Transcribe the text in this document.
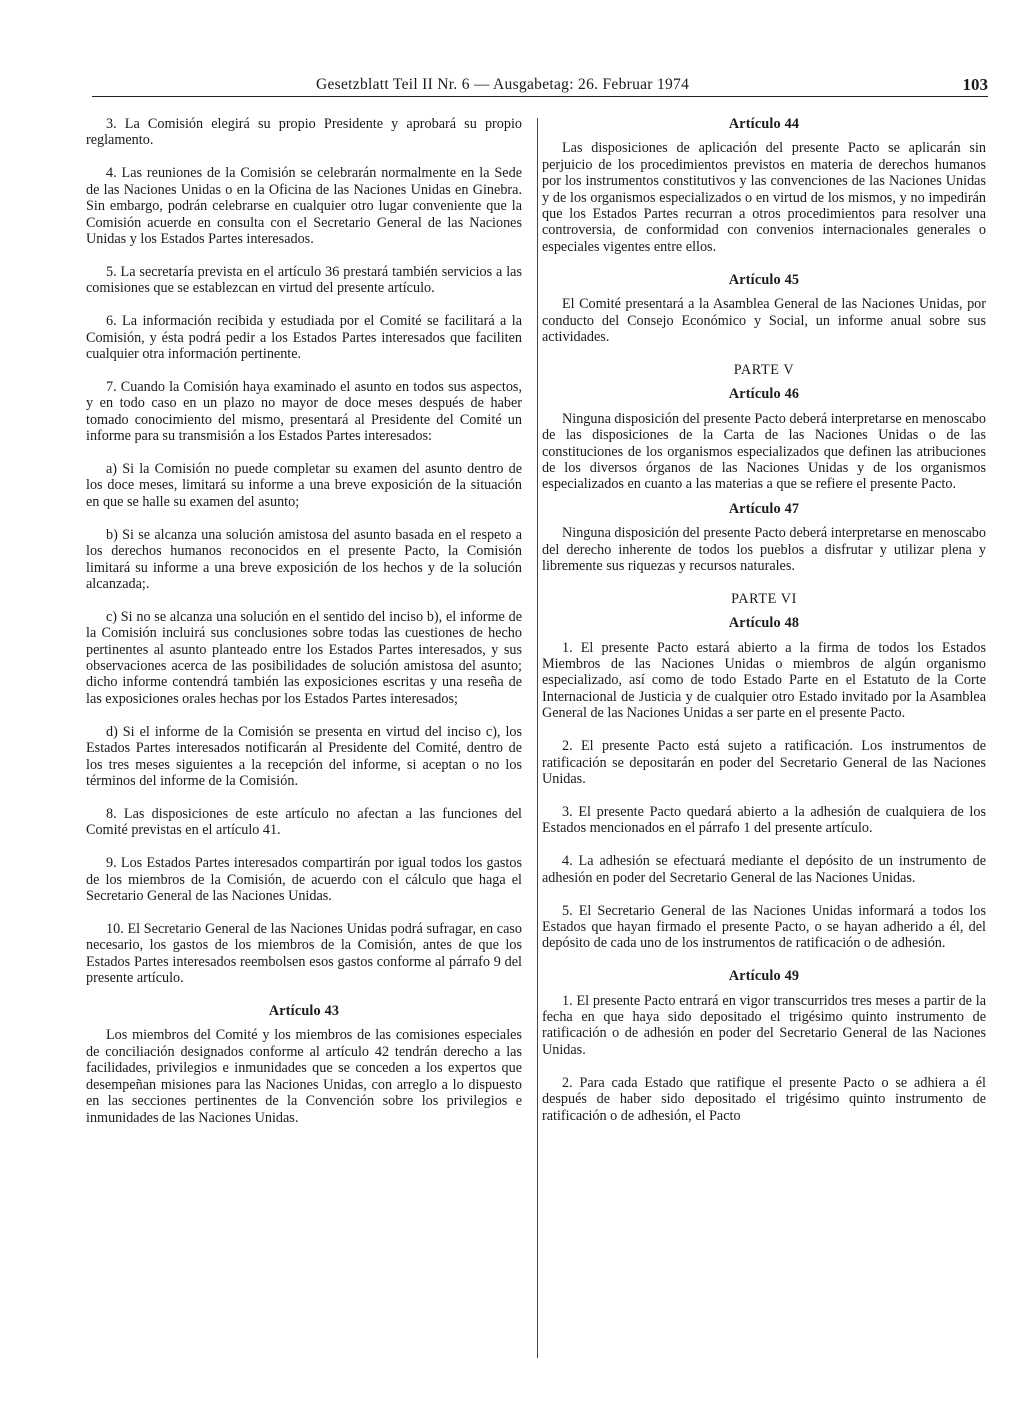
Gesetzblatt Teil II Nr. 6 — Ausgabetag: 26. Februar 1974	103

3. La Comisión elegirá su propio Presidente y aprobará su propio reglamento.

4. Las reuniones de la Comisión se celebrarán normalmente en la Sede de las Naciones Unidas o en la Oficina de las Naciones Unidas en Ginebra. Sin embargo, podrán celebrarse en cualquier otro lugar conveniente que la Comisión acuerde en consulta con el Secretario General de las Naciones Unidas y los Estados Partes interesados.

5. La secretaría prevista en el artículo 36 prestará también servicios a las comisiones que se establezcan en virtud del presente artículo.

6. La información recibida y estudiada por el Comité se facilitará a la Comisión, y ésta podrá pedir a los Estados Partes interesados que faciliten cualquier otra información pertinente.

7. Cuando la Comisión haya examinado el asunto en todos sus aspectos, y en todo caso en un plazo no mayor de doce meses después de haber tomado conocimiento del mismo, presentará al Presidente del Comité un informe para su transmisión a los Estados Partes interesados:

a) Si la Comisión no puede completar su examen del asunto dentro de los doce meses, limitará su informe a una breve exposición de la situación en que se halle su examen del asunto;

b) Si se alcanza una solución amistosa del asunto basada en el respeto a los derechos humanos reconocidos en el presente Pacto, la Comisión limitará su informe a una breve exposición de los hechos y de la solución alcanzada;.

c) Si no se alcanza una solución en el sentido del inciso b), el informe de la Comisión incluirá sus conclusiones sobre todas las cuestiones de hecho pertinentes al asunto planteado entre los Estados Partes interesados, y sus observaciones acerca de las posibilidades de solución amistosa del asunto; dicho informe contendrá también las exposiciones escritas y una reseña de las exposiciones orales hechas por los Estados Partes interesados;

d) Si el informe de la Comisión se presenta en virtud del inciso c), los Estados Partes interesados notificarán al Presidente del Comité, dentro de los tres meses siguientes a la recepción del informe, si aceptan o no los términos del informe de la Comisión.

8. Las disposiciones de este artículo no afectan a las funciones del Comité previstas en el artículo 41.

9. Los Estados Partes interesados compartirán por igual todos los gastos de los miembros de la Comisión, de acuerdo con el cálculo que haga el Secretario General de las Naciones Unidas.

10. El Secretario General de las Naciones Unidas podrá sufragar, en caso necesario, los gastos de los miembros de la Comisión, antes de que los Estados Partes interesados reembolsen esos gastos conforme al párrafo 9 del presente artículo.

Artículo 43

Los miembros del Comité y los miembros de las comisiones especiales de conciliación designados conforme al artículo 42 tendrán derecho a las facilidades, privilegios e inmunidades que se conceden a los expertos que desempeñan misiones para las Naciones Unidas, con arreglo a lo dispuesto en las secciones pertinentes de la Convención sobre los privilegios e inmunidades de las Naciones Unidas.

Artículo 44

Las disposiciones de aplicación del presente Pacto se aplicarán sin perjuicio de los procedimientos previstos en materia de derechos humanos por los instrumentos constitutivos y las convenciones de las Naciones Unidas y de los organismos especializados o en virtud de los mismos, y no impedirán que los Estados Partes recurran a otros procedimientos para resolver una controversia, de conformidad con convenios internacionales generales o especiales vigentes entre ellos.

Artículo 45

El Comité presentará a la Asamblea General de las Naciones Unidas, por conducto del Consejo Económico y Social, un informe anual sobre sus actividades.

PARTE V
Artículo 46

Ninguna disposición del presente Pacto deberá interpretarse en menoscabo de las disposiciones de la Carta de las Naciones Unidas o de las constituciones de los organismos especializados que definen las atribuciones de los diversos órganos de las Naciones Unidas y de los organismos especializados en cuanto a las materias a que se refiere el presente Pacto.

Artículo 47

Ninguna disposición del presente Pacto deberá interpretarse en menoscabo del derecho inherente de todos los pueblos a disfrutar y utilizar plena y libremente sus riquezas y recursos naturales.

PARTE VI
Artículo 48

1. El presente Pacto estará abierto a la firma de todos los Estados Miembros de las Naciones Unidas o miembros de algún organismo especializado, así como de todo Estado Parte en el Estatuto de la Corte Internacional de Justicia y de cualquier otro Estado invitado por la Asamblea General de las Naciones Unidas a ser parte en el presente Pacto.

2. El presente Pacto está sujeto a ratificación. Los instrumentos de ratificación se depositarán en poder del Secretario General de las Naciones Unidas.

3. El presente Pacto quedará abierto a la adhesión de cualquiera de los Estados mencionados en el párrafo 1 del presente artículo.

4. La adhesión se efectuará mediante el depósito de un instrumento de adhesión en poder del Secretario General de las Naciones Unidas.

5. El Secretario General de las Naciones Unidas informará a todos los Estados que hayan firmado el presente Pacto, o se hayan adherido a él, del depósito de cada uno de los instrumentos de ratificación o de adhesión.

Artículo 49

1. El presente Pacto entrará en vigor transcurridos tres meses a partir de la fecha en que haya sido depositado el trigésimo quinto instrumento de ratificación o de adhesión en poder del Secretario General de las Naciones Unidas.

2. Para cada Estado que ratifique el presente Pacto o se adhiera a él después de haber sido depositado el trigésimo quinto instrumento de ratificación o de adhesión, el Pacto
